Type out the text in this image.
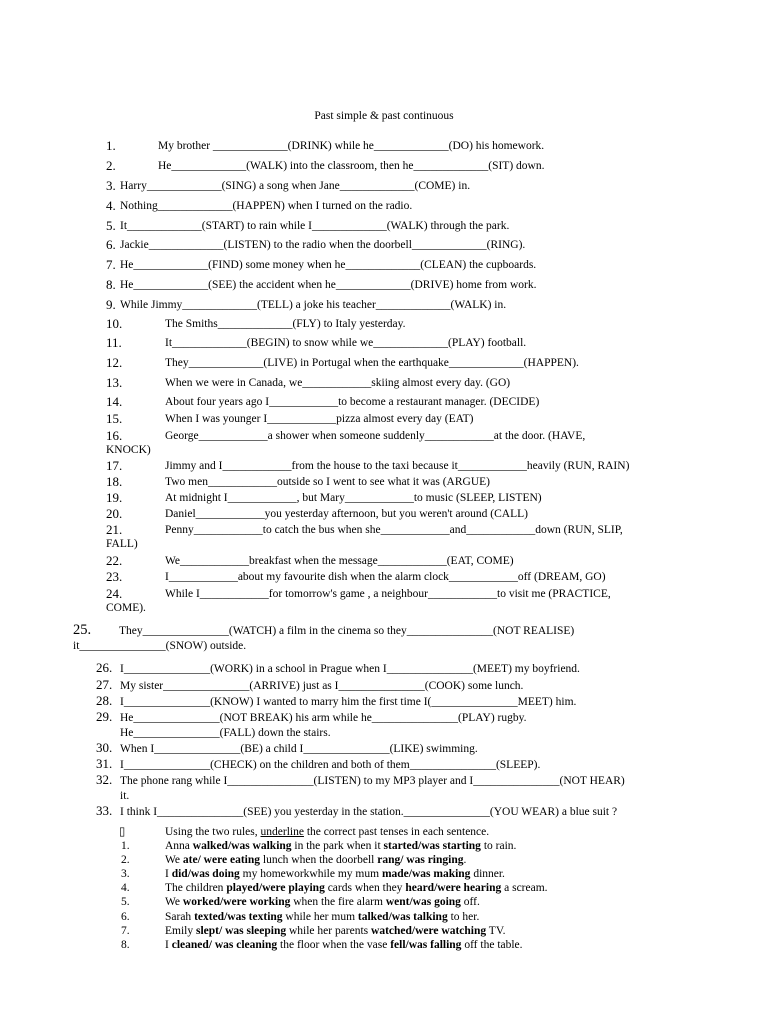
Past simple & past continuous
1.	My brother _____________(DRINK) while he_____________(DO) his homework.
2.	He_____________(WALK) into the classroom, then he_____________(SIT) down.
3. Harry_____________(SING) a song when Jane_____________(COME) in.
4. Nothing_____________(HAPPEN) when I turned on the radio.
5. It_____________(START) to rain while I_____________(WALK) through the park.
6. Jackie_____________(LISTEN) to the radio when the doorbell_____________(RING).
7. He_____________(FIND) some money when he_____________(CLEAN) the cupboards.
8. He_____________(SEE) the accident when he_____________(DRIVE) home from work.
9. While Jimmy_____________(TELL) a joke his teacher_____________(WALK) in.
10.	The Smiths_____________(FLY) to Italy yesterday.
11.	It_____________(BEGIN) to snow while we_____________(PLAY) football.
12.	They_____________(LIVE) in Portugal when the earthquake_____________(HAPPEN).
13.	When we were in Canada, we____________skiing almost every day. (GO)
14.	About four years ago I____________to become a restaurant manager. (DECIDE)
15.	When I was younger I____________pizza almost every day (EAT)
16.	George____________a shower when someone suddenly____________at the door. (HAVE,
KNOCK)
17.	Jimmy and I____________from the house to the taxi because it____________heavily (RUN, RAIN)
18.	Two men____________outside so I went to see what it was (ARGUE)
19.	At midnight I____________, but Mary____________to music (SLEEP, LISTEN)
20.	Daniel____________you yesterday afternoon, but you weren't around (CALL)
21.	Penny____________to catch the bus when she____________and____________down (RUN, SLIP,
FALL)
22.	We____________breakfast when the message____________(EAT, COME)
23.	I____________about my favourite dish when the alarm clock____________off (DREAM, GO)
24.	While I____________for tomorrow's game , a neighbour____________to visit me (PRACTICE,
COME).
25. They_______________(WATCH) a film in the cinema so they_______________(NOT REALISE)
it_______________(SNOW) outside.
26. I_______________(WORK) in a school in Prague when I_______________(MEET) my boyfriend.
27. My sister_______________(ARRIVE) just as I_______________(COOK) some lunch.
28. I_______________(KNOW) I wanted to marry him the first time I(_______________MEET) him.
29. He_______________(NOT BREAK) his arm while he_______________(PLAY) rugby.
He_______________(FALL) down the stairs.
30. When I_______________(BE) a child I_______________(LIKE) swimming.
31. I_______________(CHECK) on the children and both of them_______________(SLEEP).
32. The phone rang while I_______________(LISTEN) to my MP3 player and I_______________(NOT HEAR)
it.
33. I think I_______________(SEE) you yesterday in the station._______________(YOU WEAR) a blue suit ?
▯	Using the two rules, underline the correct past tenses in each sentence.
1.	Anna walked/was walking in the park when it started/was starting to rain.
2.	We ate/ were eating lunch when the doorbell rang/ was ringing.
3.	I did/was doing my homeworkwhile my mum made/was making dinner.
4.	The children played/were playing cards when they heard/were hearing a scream.
5.	We worked/were working when the fire alarm went/was going off.
6.	Sarah texted/was texting while her mum talked/was talking to her.
7.	Emily slept/ was sleeping while her parents watched/were watching TV.
8.	I cleaned/ was cleaning the floor when the vase fell/was falling off the table.
